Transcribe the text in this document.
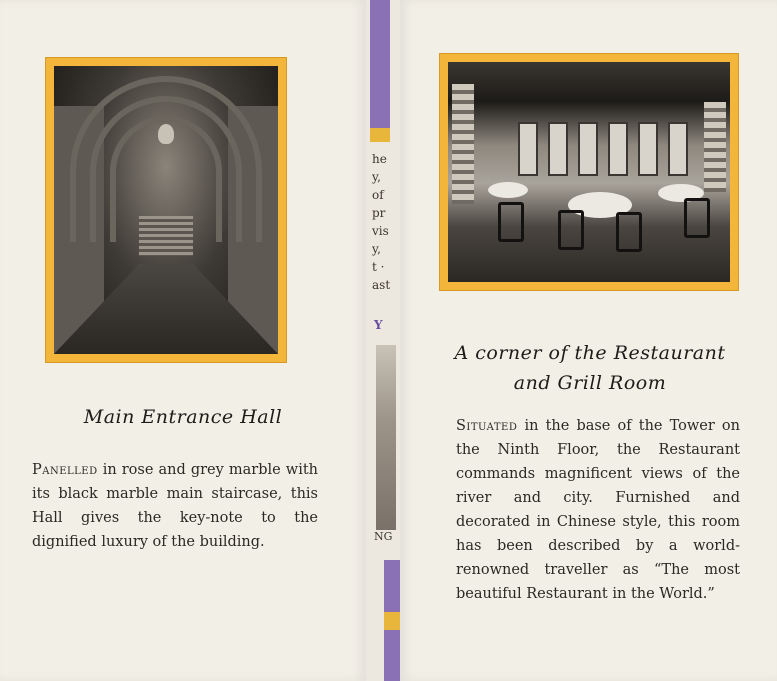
Main Entrance Hall
Panelled in rose and grey marble with its black marble main staircase, this Hall gives the key-note to the dignified luxury of the building.
he
y,
of
pr
vis
y,
t ·
ast
Y
NG
A corner of the Restaurant
and Grill Room
Situated in the base of the Tower on the Ninth Floor, the Restaurant commands magnificent views of the river and city. Furnished and decorated in Chinese style, this room has been described by a world-renowned traveller as “The most beautiful Restaurant in the World.”
